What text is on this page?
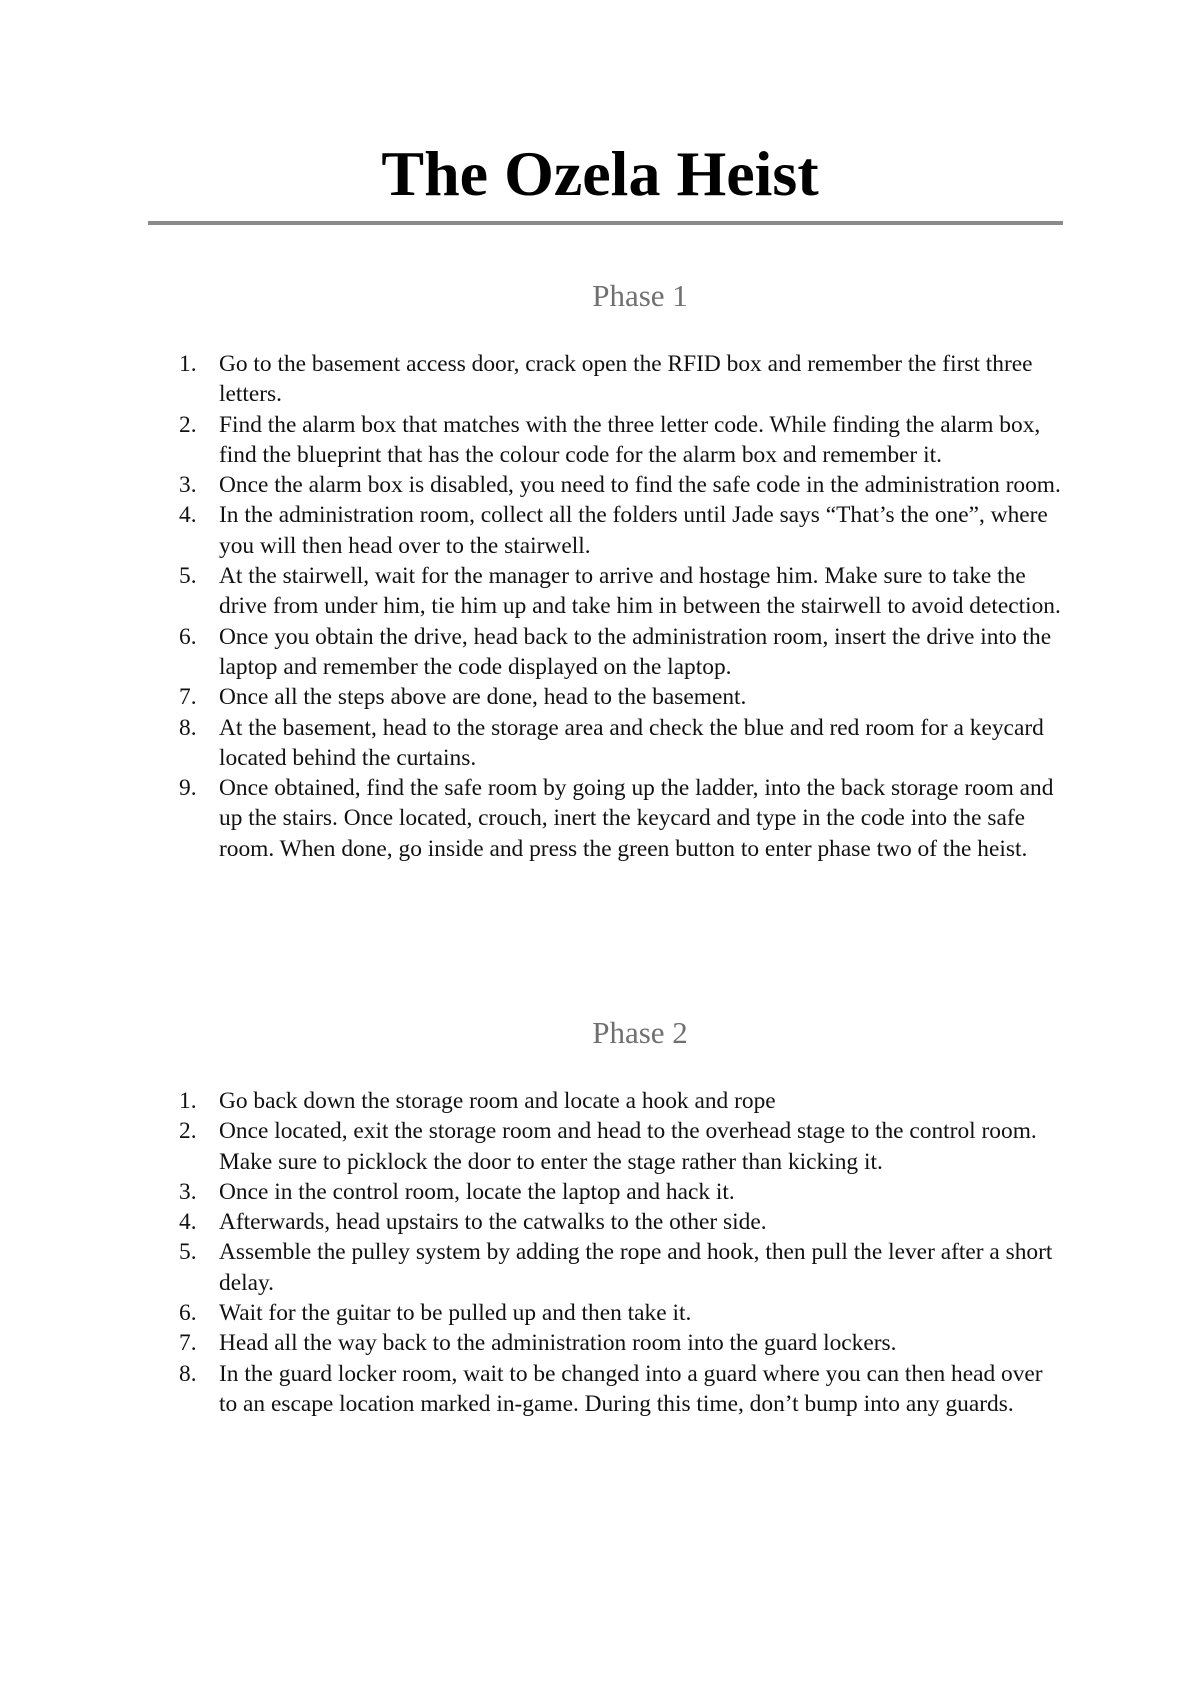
The Ozela Heist
Phase 1
1. Go to the basement access door, crack open the RFID box and remember the first three letters.
2. Find the alarm box that matches with the three letter code. While finding the alarm box, find the blueprint that has the colour code for the alarm box and remember it.
3. Once the alarm box is disabled, you need to find the safe code in the administration room.
4. In the administration room, collect all the folders until Jade says “That’s the one”, where you will then head over to the stairwell.
5. At the stairwell, wait for the manager to arrive and hostage him. Make sure to take the drive from under him, tie him up and take him in between the stairwell to avoid detection.
6. Once you obtain the drive, head back to the administration room, insert the drive into the laptop and remember the code displayed on the laptop.
7. Once all the steps above are done, head to the basement.
8. At the basement, head to the storage area and check the blue and red room for a keycard located behind the curtains.
9. Once obtained, find the safe room by going up the ladder, into the back storage room and up the stairs. Once located, crouch, inert the keycard and type in the code into the safe room. When done, go inside and press the green button to enter phase two of the heist.
Phase 2
1. Go back down the storage room and locate a hook and rope
2. Once located, exit the storage room and head to the overhead stage to the control room. Make sure to picklock the door to enter the stage rather than kicking it.
3. Once in the control room, locate the laptop and hack it.
4. Afterwards, head upstairs to the catwalks to the other side.
5. Assemble the pulley system by adding the rope and hook, then pull the lever after a short delay.
6. Wait for the guitar to be pulled up and then take it.
7. Head all the way back to the administration room into the guard lockers.
8. In the guard locker room, wait to be changed into a guard where you can then head over to an escape location marked in-game. During this time, don’t bump into any guards.
